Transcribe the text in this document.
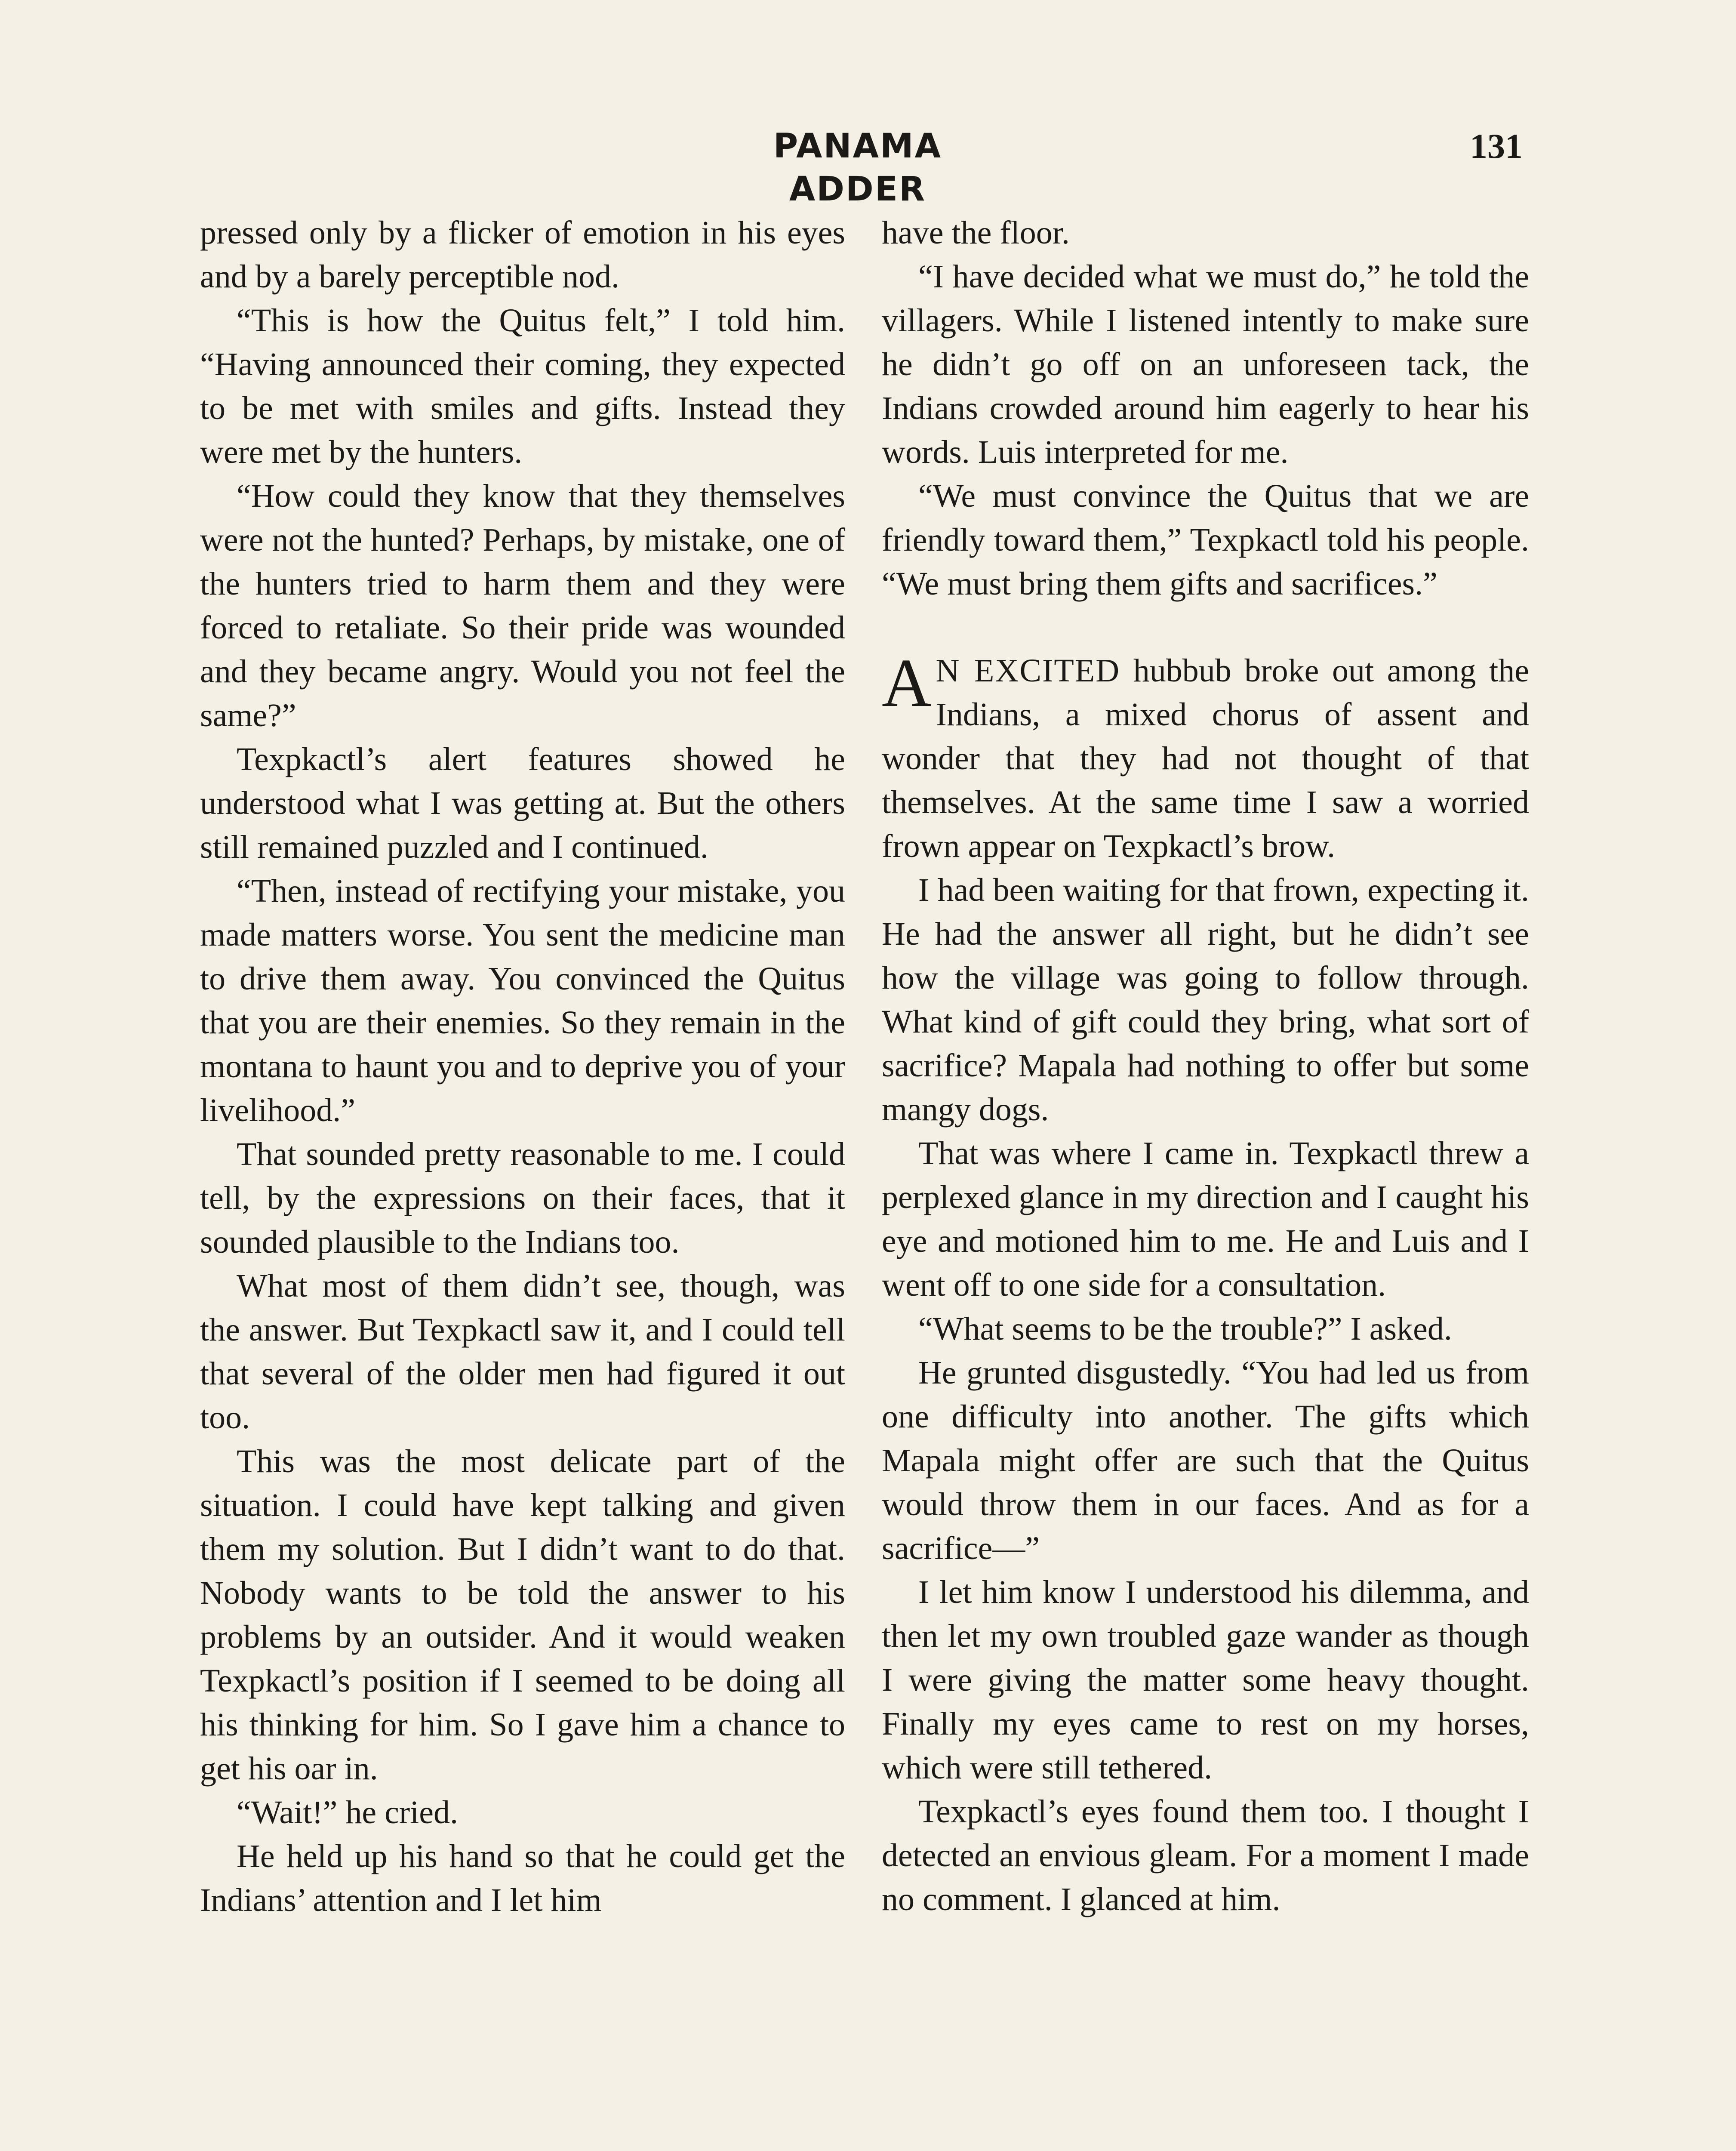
PANAMA ADDER
131

pressed only by a flicker of emotion in his eyes and by a barely perceptible nod.

“This is how the Quitus felt,” I told him. “Having announced their coming, they expected to be met with smiles and gifts. Instead they were met by the hunters.

“How could they know that they themselves were not the hunted? Perhaps, by mistake, one of the hunters tried to harm them and they were forced to retaliate. So their pride was wounded and they became angry. Would you not feel the same?”

Texpkactl’s alert features showed he understood what I was getting at. But the others still remained puzzled and I continued.

“Then, instead of rectifying your mistake, you made matters worse. You sent the medicine man to drive them away. You convinced the Quitus that you are their enemies. So they remain in the montana to haunt you and to deprive you of your livelihood.”

That sounded pretty reasonable to me. I could tell, by the expressions on their faces, that it sounded plausible to the Indians too.

What most of them didn’t see, though, was the answer. But Texpkactl saw it, and I could tell that several of the older men had figured it out too.

This was the most delicate part of the situation. I could have kept talking and given them my solution. But I didn’t want to do that. Nobody wants to be told the answer to his problems by an outsider. And it would weaken Texpkactl’s position if I seemed to be doing all his thinking for him. So I gave him a chance to get his oar in.

“Wait!” he cried.

He held up his hand so that he could get the Indians’ attention and I let him

have the floor.

“I have decided what we must do,” he told the villagers. While I listened intently to make sure he didn’t go off on an unforeseen tack, the Indians crowded around him eagerly to hear his words. Luis interpreted for me.

“We must convince the Quitus that we are friendly toward them,” Texpkactl told his people. “We must bring them gifts and sacrifices.”

A N EXCITED hubbub broke out among the Indians, a mixed chorus of assent and wonder that they had not thought of that themselves. At the same time I saw a worried frown appear on Texpkactl’s brow.

I had been waiting for that frown, expecting it. He had the answer all right, but he didn’t see how the village was going to follow through. What kind of gift could they bring, what sort of sacrifice? Mapala had nothing to offer but some mangy dogs.

That was where I came in. Texpkactl threw a perplexed glance in my direction and I caught his eye and motioned him to me. He and Luis and I went off to one side for a consultation.

“What seems to be the trouble?” I asked.

He grunted disgustedly. “You had led us from one difficulty into another. The gifts which Mapala might offer are such that the Quitus would throw them in our faces. And as for a sacrifice—”

I let him know I understood his dilemma, and then let my own troubled gaze wander as though I were giving the matter some heavy thought. Finally my eyes came to rest on my horses, which were still tethered.

Texpkactl’s eyes found them too. I thought I detected an envious gleam. For a moment I made no comment. I glanced at him.
